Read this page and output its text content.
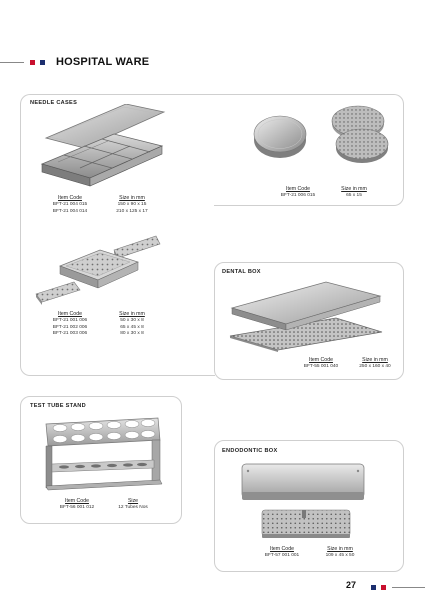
HOSPITAL WARE
NEEDLE CASES
Item Code	Size in mm
BFT-21 004 015	150 x 90 x 15
BFT-21 004 014	210 x 125 x 17
Item Code	Size in mm
BFT-21 001 006	50 x 30 x 8
BFT-21 002 006	65 x 45 x 8
BFT-21 003 006	80 x 30 x 8
Item Code	Size in mm
BFT-21 006 015	65 x 15
DENTAL BOX
Item Code	Size in mm
BFT-55 001 040	250 x 160 x 40
TEST TUBE STAND
Item Code	Size
BFT-56 001 012	12 Tubes Nos
ENDODONTIC BOX
Item Code	Size in mm
BFT-57 001 001	109 x 45 x 50
27
